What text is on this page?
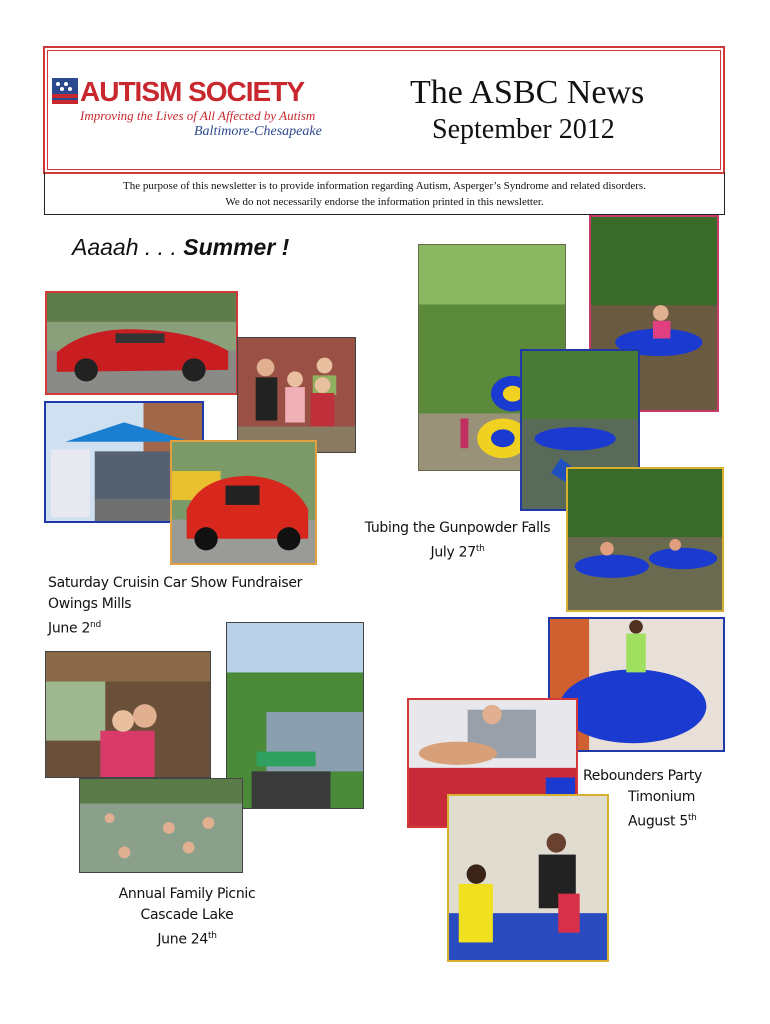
AUTISM SOCIETY
Improving the Lives of All Affected by Autism
Baltimore-Chesapeake
The ASBC News
September 2012
The purpose of this newsletter is to provide information regarding Autism, Asperger’s Syndrome and related disorders.
We do not necessarily endorse the information printed in this newsletter.
Aaaah . . . Summer !
Tubing the Gunpowder Falls
July 27th
Saturday Cruisin Car Show Fundraiser
Owings Mills
June 2nd
Rebounders Party
Timonium
August 5th
Annual Family Picnic
Cascade Lake
June 24th
